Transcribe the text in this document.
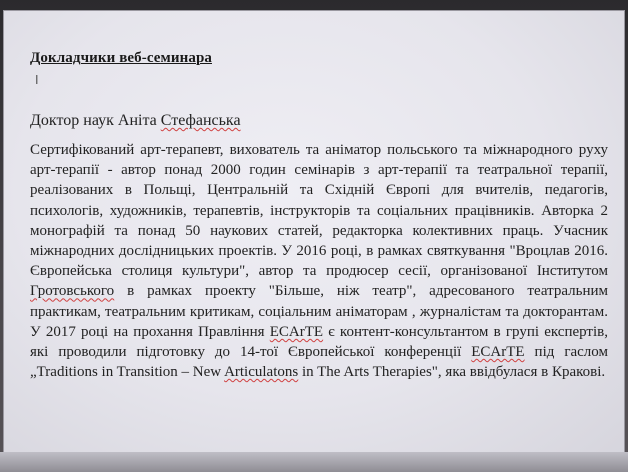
Докладчики веб-семинара
I
Доктор наук Аніта Стефанська

Сертифікований арт-терапевт, вихователь та аніматор польського та міжнародного руху арт-терапії - автор понад 2000 годин семінарів з арт-терапії та театральної терапії, реалізованих в Польщі, Центральній та Східній Європі для вчителів, педагогів, психологів, художників, терапевтів, інструкторів та соціальних працівників. Авторка 2 монографій та понад 50 наукових статей, редакторка колективних праць. Учасник міжнародних дослідницьких проектів. У 2016 році, в рамках святкування "Вроцлав 2016. Європейська столиця культури", автор та продюсер сесії, організованої Інститутом Гротовського в рамках проекту "Більше, ніж театр", адресованого театральним практикам, театральним критикам, соціальним аніматорам , журналістам та докторантам. У 2017 році на прохання Правління ECArTE є контент-консультантом в групі експертів, які проводили підготовку до 14-тої Європейської конференції ECArTE під гаслом „Traditions in Transition – New Articulatons in The Arts Therapies", яка ввідбулася в Кракові.
